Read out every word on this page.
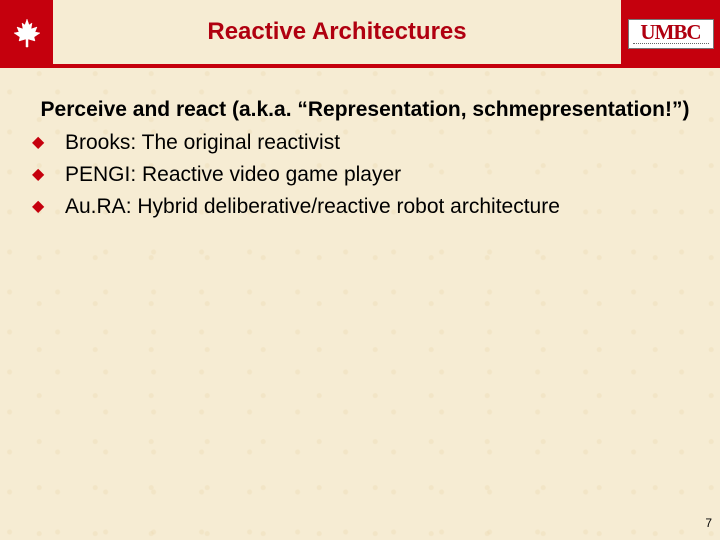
Reactive Architectures	UMBC
Perceive and react (a.k.a. “Representation, schmepresentation!”)
◆ Brooks: The original reactivist
◆ PENGI: Reactive video game player
◆ Au.RA: Hybrid deliberative/reactive robot architecture
7
